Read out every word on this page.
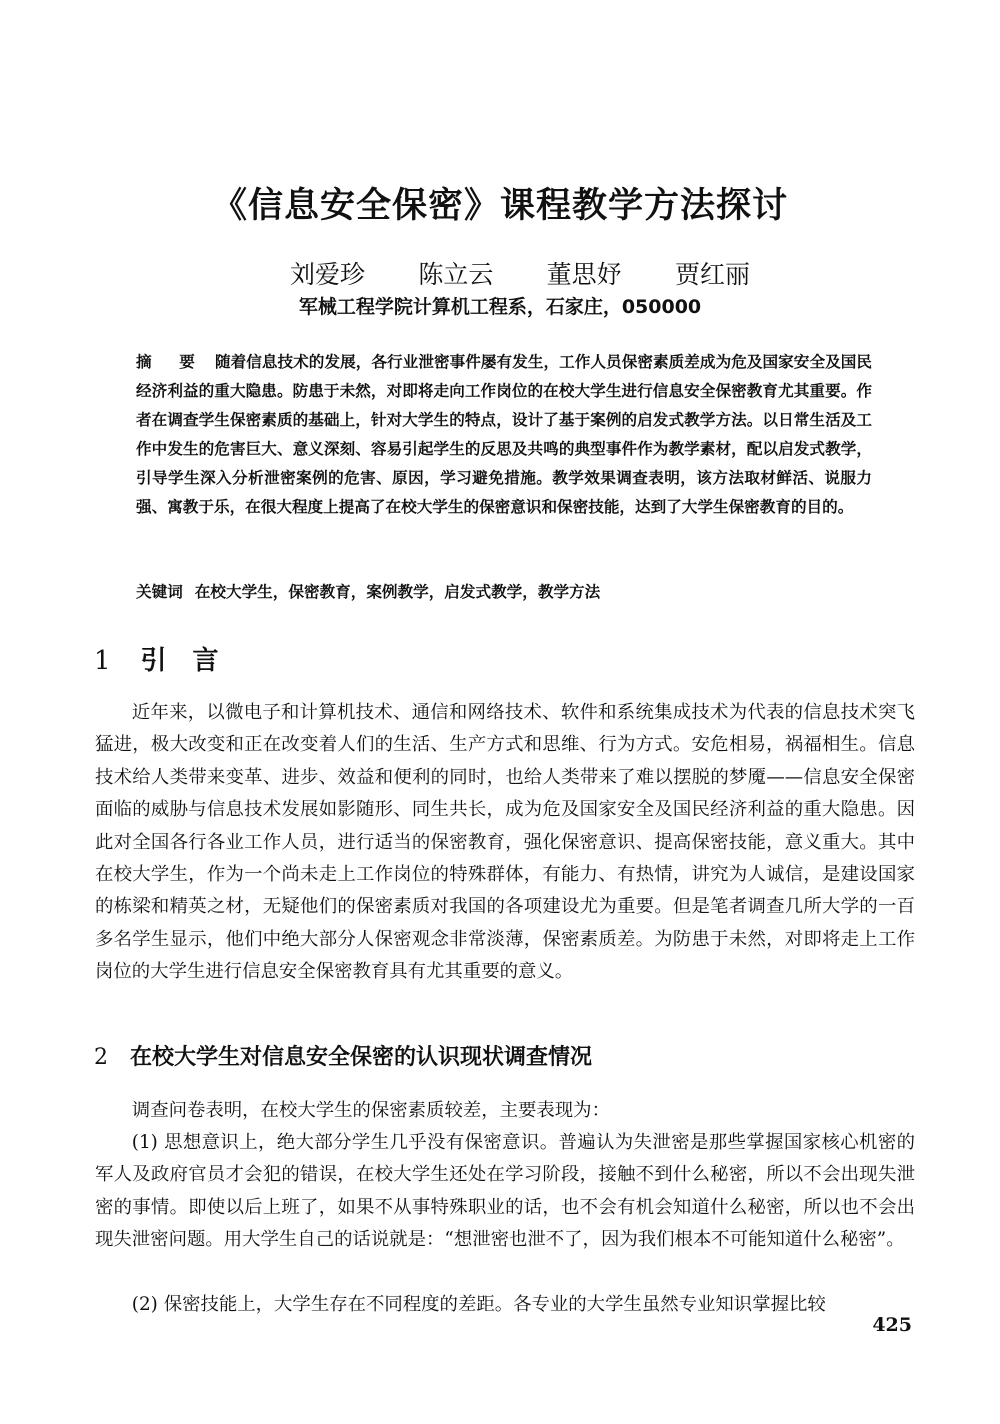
《信息安全保密》课程教学方法探讨
刘爱珍 陈立云 董思妤 贾红丽
军械工程学院计算机工程系，石家庄，050000
摘　要 随着信息技术的发展，各行业泄密事件屡有发生，工作人员保密素质差成为危及国家安全及国民经济利益的重大隐患。防患于未然，对即将走向工作岗位的在校大学生进行信息安全保密教育尤其重要。作者在调查学生保密素质的基础上，针对大学生的特点，设计了基于案例的启发式教学方法。以日常生活及工作中发生的危害巨大、意义深刻、容易引起学生的反思及共鸣的典型事件作为教学素材，配以启发式教学，引导学生深入分析泄密案例的危害、原因，学习避免措施。教学效果调查表明，该方法取材鲜活、说服力强、寓教于乐，在很大程度上提高了在校大学生的保密意识和保密技能，达到了大学生保密教育的目的。
关键词 在校大学生，保密教育，案例教学，启发式教学，教学方法
1 引言
近年来，以微电子和计算机技术、通信和网络技术、软件和系统集成技术为代表的信息技术突飞猛进，极大改变和正在改变着人们的生活、生产方式和思维、行为方式。安危相易，祸福相生。信息技术给人类带来变革、进步、效益和便利的同时，也给人类带来了难以摆脱的梦魇——信息安全保密面临的威胁与信息技术发展如影随形、同生共长，成为危及国家安全及国民经济利益的重大隐患。因此对全国各行各业工作人员，进行适当的保密教育，强化保密意识、提高保密技能，意义重大。其中在校大学生，作为一个尚未走上工作岗位的特殊群体，有能力、有热情，讲究为人诚信，是建设国家的栋梁和精英之材，无疑他们的保密素质对我国的各项建设尤为重要。但是笔者调查几所大学的一百多名学生显示，他们中绝大部分人保密观念非常淡薄，保密素质差。为防患于未然，对即将走上工作岗位的大学生进行信息安全保密教育具有尤其重要的意义。
2 在校大学生对信息安全保密的认识现状调查情况
调查问卷表明，在校大学生的保密素质较差，主要表现为：
(1) 思想意识上，绝大部分学生几乎没有保密意识。普遍认为失泄密是那些掌握国家核心机密的军人及政府官员才会犯的错误，在校大学生还处在学习阶段，接触不到什么秘密，所以不会出现失泄密的事情。即使以后上班了，如果不从事特殊职业的话，也不会有机会知道什么秘密，所以也不会出现失泄密问题。用大学生自己的话说就是：“想泄密也泄不了，因为我们根本不可能知道什么秘密”。
(2) 保密技能上，大学生存在不同程度的差距。各专业的大学生虽然专业知识掌握比较
425
